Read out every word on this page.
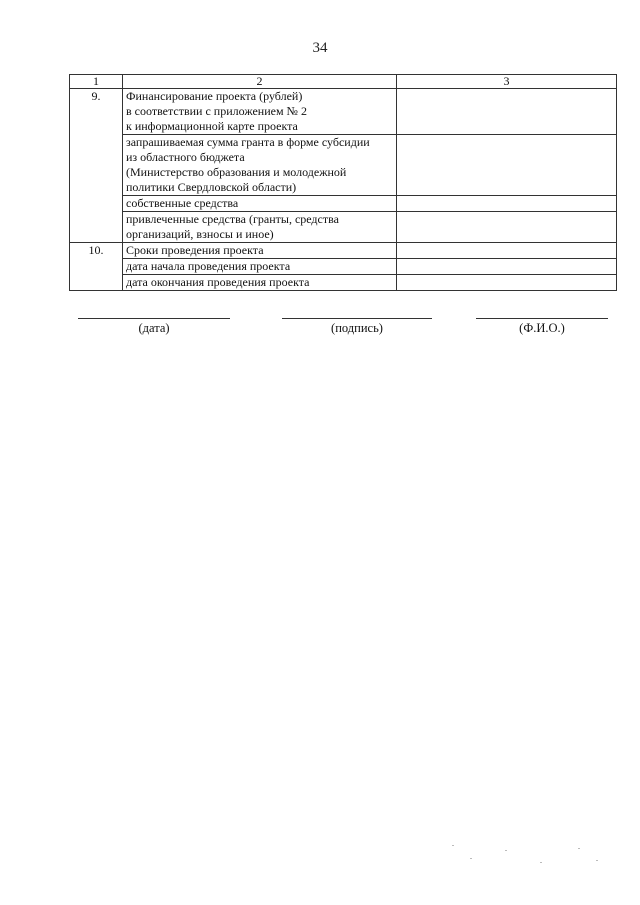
34
1	2	3
9.	Финансирование проекта (рублей)
в соответствии с приложением № 2
к информационной карте проекта	

	запрашиваемая сумма гранта в форме субсидии
из областного бюджета
(Министерство образования и молодежной
политики Свердловской области)	

	собственные средства	

	привлеченные средства (гранты, средства
организаций, взносы и иное)	

10.	Сроки проведения проекта	
	дата начала проведения проекта	
	дата окончания проведения проекта	
(дата)	(подпись)	(Ф.И.О.)
